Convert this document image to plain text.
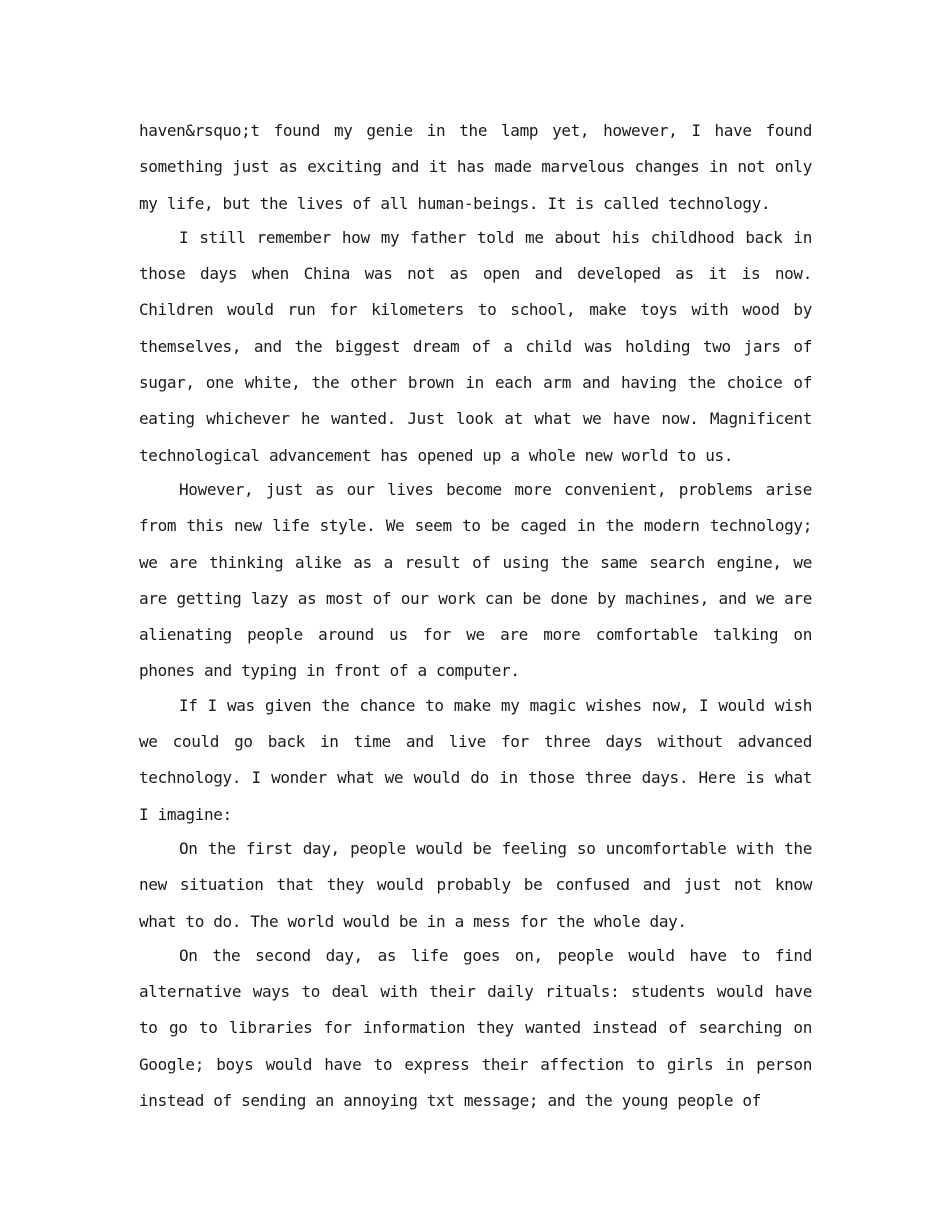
haven&rsquo;t found my genie in the lamp yet, however, I have found something just as exciting and it has made marvelous changes in not only my life, but the lives of all human-beings. It is called technology.

I still remember how my father told me about his childhood back in those days when China was not as open and developed as it is now. Children would run for kilometers to school, make toys with wood by themselves, and the biggest dream of a child was holding two jars of sugar, one white, the other brown in each arm and having the choice of eating whichever he wanted. Just look at what we have now. Magnificent technological advancement has opened up a whole new world to us.

However, just as our lives become more convenient, problems arise from this new life style. We seem to be caged in the modern technology; we are thinking alike as a result of using the same search engine, we are getting lazy as most of our work can be done by machines, and we are alienating people around us for we are more comfortable talking on phones and typing in front of a computer.

If I was given the chance to make my magic wishes now, I would wish we could go back in time and live for three days without advanced technology. I wonder what we would do in those three days. Here is what I imagine:

On the first day, people would be feeling so uncomfortable with the new situation that they would probably be confused and just not know what to do. The world would be in a mess for the whole day.

On the second day, as life goes on, people would have to find alternative ways to deal with their daily rituals: students would have to go to libraries for information they wanted instead of searching on Google; boys would have to express their affection to girls in person instead of sending an annoying txt message; and the young people of
